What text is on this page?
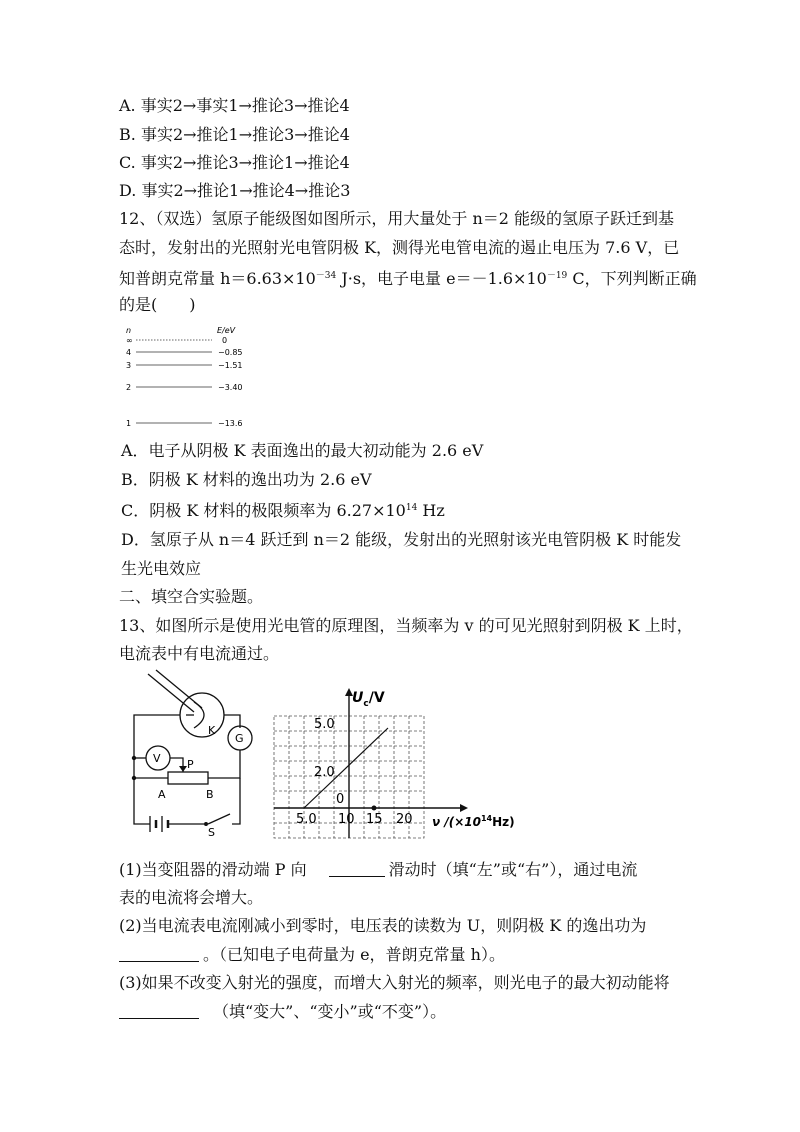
A. 事实2→事实1→推论3→推论4
B. 事实2→推论1→推论3→推论4
C. 事实2→推论3→推论1→推论4
D. 事实2→推论1→推论4→推论3
12、（双选）氢原子能级图如图所示，用大量处于 n＝2 能级的氢原子跃迁到基
态时，发射出的光照射光电管阴极 K，测得光电管电流的遏止电压为 7.6 V，已
知普朗克常量 $h=6.63\times 10^{-34}$ J·s，电子电量 $e=-1.6\times 10^{-19}$ C，下列判断正确
的是(　　)
n	E/eV
∞	0
4	−0.85
3	−1.51
2	−3.40
1	−13.6
A．电子从阴极 K 表面逸出的最大初动能为 2.6 eV
B．阴极 K 材料的逸出功为 2.6 eV
C．阴极 K 材料的极限频率为 $6.27\times 10^{14}$ Hz
D．氢原子从 n＝4 跃迁到 n＝2 能级，发射出的光照射该光电管阴极 K 时能发
生光电效应
二、填空合实验题。
13、如图所示是使用光电管的原理图，当频率为 v 的可见光照射到阴极 K 上时，
电流表中有电流通过。
K
G
V P
A	B
S
$U_c/V$
5.0
2.0
0
5.0 10 15 20 ν $/(\times 10^{14}Hz)$
(1)当变阻器的滑动端 P 向	滑动时（填“左”或“右”），通过电流
表的电流将会增大。
(2)当电流表电流刚减小到零时，电压表的读数为 U，则阴极 K 的逸出功为
。（已知电子电荷量为 e，普朗克常量 h）。
(3)如果不改变入射光的强度，而增大入射光的频率，则光电子的最大初动能将
（填“变大”、“变小”或“不变”）。
